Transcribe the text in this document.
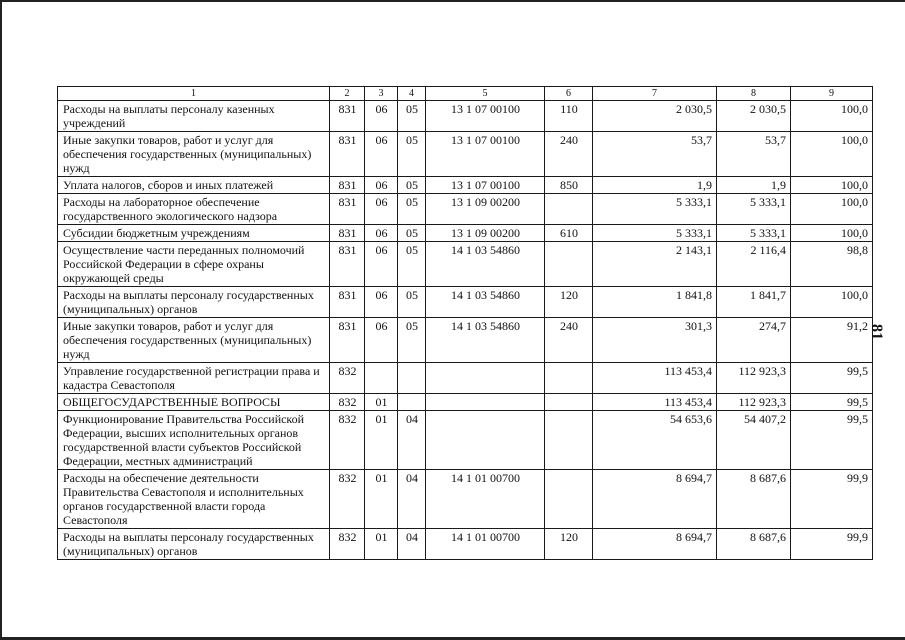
1	2	3	4	5	6	7	8	9
Расходы на выплаты персоналу казенных учреждений	831	06	05	13 1 07 00100	110	2 030,5	2 030,5	100,0
Иные закупки товаров, работ и услуг для обеспечения государственных (муниципальных) нужд	831	06	05	13 1 07 00100	240	53,7	53,7	100,0
Уплата налогов, сборов и иных платежей	831	06	05	13 1 07 00100	850	1,9	1,9	100,0
Расходы на лабораторное обеспечение государственного экологического надзора	831	06	05	13 1 09 00200		5 333,1	5 333,1	100,0
Субсидии бюджетным учреждениям	831	06	05	13 1 09 00200	610	5 333,1	5 333,1	100,0
Осуществление части переданных полномочий Российской Федерации в сфере охраны окружающей среды	831	06	05	14 1 03 54860		2 143,1	2 116,4	98,8
Расходы на выплаты персоналу государственных (муниципальных) органов	831	06	05	14 1 03 54860	120	1 841,8	1 841,7	100,0
Иные закупки товаров, работ и услуг для обеспечения государственных (муниципальных) нужд	831	06	05	14 1 03 54860	240	301,3	274,7	91,2
Управление государственной регистрации права и кадастра Севастополя	832					113 453,4	112 923,3	99,5
ОБЩЕГОСУДАРСТВЕННЫЕ ВОПРОСЫ	832	01				113 453,4	112 923,3	99,5
Функционирование Правительства Российской Федерации, высших исполнительных органов государственной власти субъектов Российской Федерации, местных администраций	832	01	04			54 653,6	54 407,2	99,5
Расходы на обеспечение деятельности Правительства Севастополя и исполнительных органов государственной власти города Севастополя	832	01	04	14 1 01 00700		8 694,7	8 687,6	99,9
Расходы на выплаты персоналу государственных (муниципальных) органов	832	01	04	14 1 01 00700	120	8 694,7	8 687,6	99,9
81
